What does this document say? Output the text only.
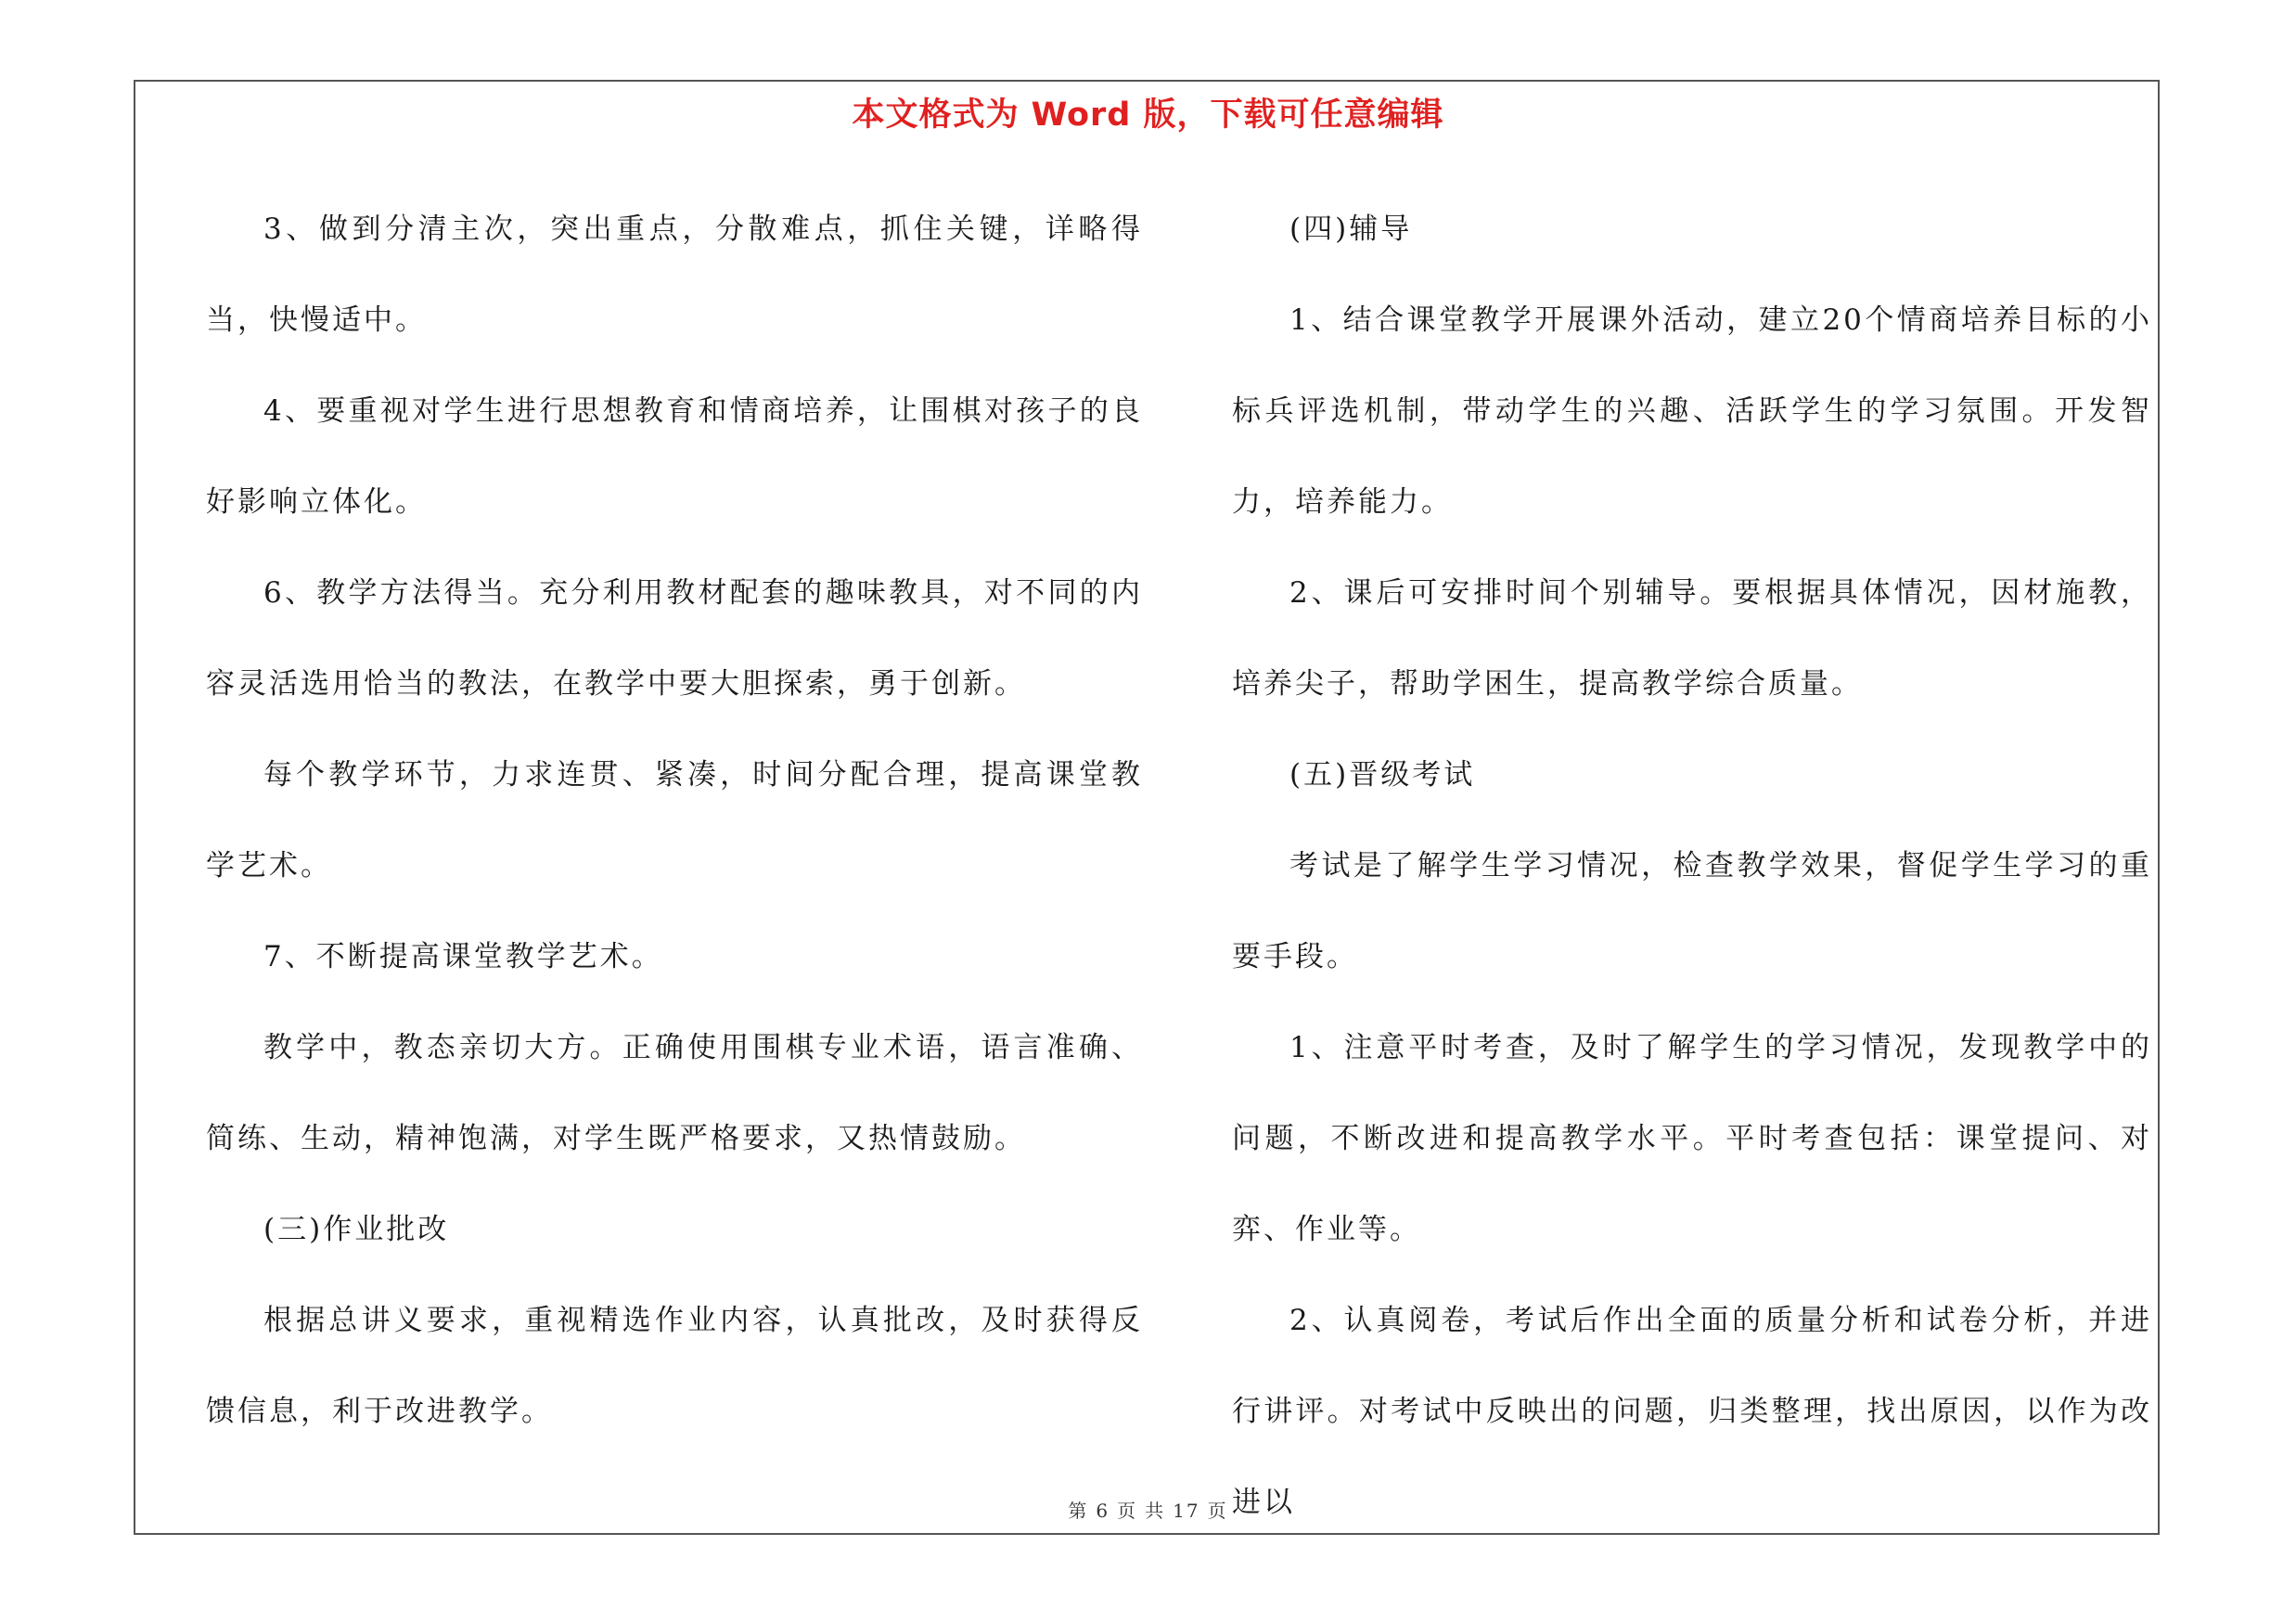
本文格式为 Word 版，下载可任意编辑

3、做到分清主次，突出重点，分散难点，抓住关键，详略得当，快慢适中。

4、要重视对学生进行思想教育和情商培养，让围棋对孩子的良好影响立体化。

6、教学方法得当。充分利用教材配套的趣味教具，对不同的内容灵活选用恰当的教法，在教学中要大胆探索，勇于创新。

每个教学环节，力求连贯、紧凑，时间分配合理，提高课堂教学艺术。

7、不断提高课堂教学艺术。

教学中，教态亲切大方。正确使用围棋专业术语，语言准确、简练、生动，精神饱满，对学生既严格要求，又热情鼓励。

(三)作业批改

根据总讲义要求，重视精选作业内容，认真批改，及时获得反馈信息，利于改进教学。

(四)辅导

1、结合课堂教学开展课外活动，建立20个情商培养目标的小标兵评选机制，带动学生的兴趣、活跃学生的学习氛围。开发智力，培养能力。

2、课后可安排时间个别辅导。要根据具体情况，因材施教，培养尖子，帮助学困生，提高教学综合质量。

(五)晋级考试

考试是了解学生学习情况，检查教学效果，督促学生学习的重要手段。

1、注意平时考查，及时了解学生的学习情况，发现教学中的问题，不断改进和提高教学水平。平时考查包括：课堂提问、对弈、作业等。

2、认真阅卷，考试后作出全面的质量分析和试卷分析，并进行讲评。对考试中反映出的问题，归类整理，找出原因，以作为改进以

第 6 页 共 17 页
